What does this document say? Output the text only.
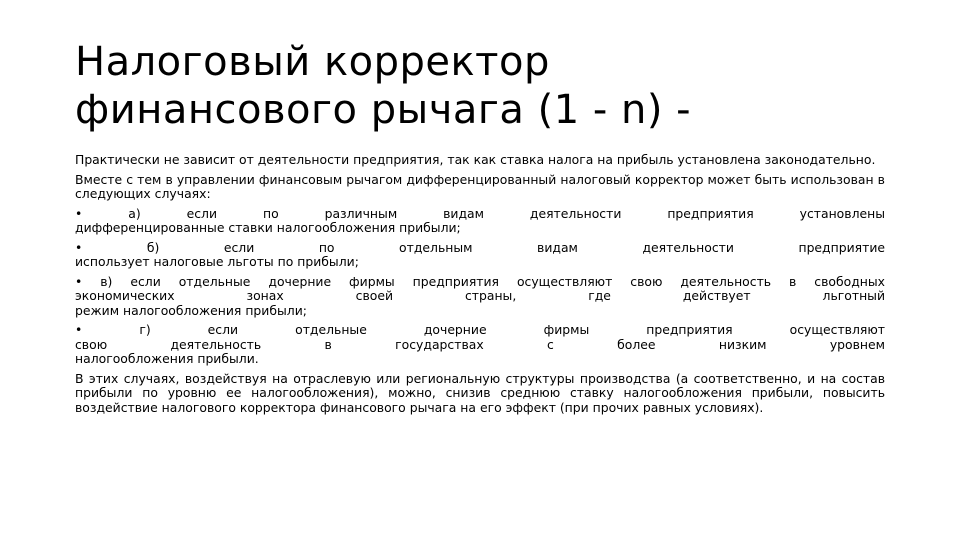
Налоговый корректор
финансового рычага (1 - n) -

Практически не зависит от деятельности предприятия, так как ставка налога на прибыль установлена законодательно.

Вместе с тем в управлении финансовым рычагом дифференцированный налоговый корректор может быть использован в следующих случаях:

• а) если по различным видам деятельности предприятия установлены
дифференцированные ставки налогообложения прибыли;
• б) если по отдельным видам деятельности предприятие
использует налоговые льготы по прибыли;
• в) если отдельные дочерние фирмы предприятия осуществляют свою деятельность в свободных
экономических зонах своей страны, где действует льготный
режим налогообложения прибыли;
• г) если отдельные дочерние фирмы предприятия осуществляют
свою деятельность в государствах с более низким уровнем
налогообложения прибыли.

В этих случаях, воздействуя на отраслевую или региональную структуры производства (а соответственно, и на состав прибыли по уровню ее налогообложения), можно, снизив среднюю ставку налогообложения прибыли, повысить воздействие налогового корректора финансового рычага на его эффект (при прочих равных условиях).
